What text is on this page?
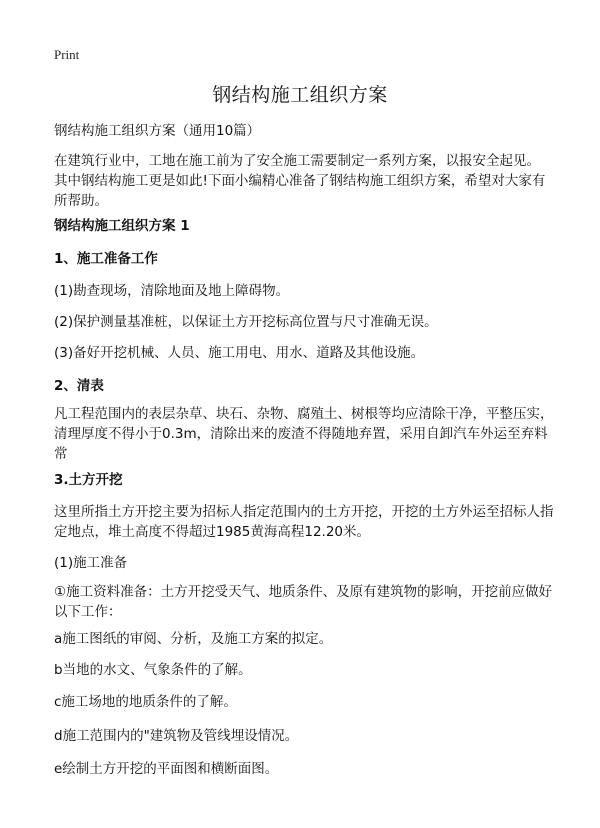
Print
钢结构施工组织方案
钢结构施工组织方案（通用10篇）
在建筑行业中，工地在施工前为了安全施工需要制定一系列方案，以报安全起见。其中钢结构施工更是如此!下面小编精心准备了钢结构施工组织方案，希望对大家有所帮助。
钢结构施工组织方案 1
1、施工准备工作
(1)勘查现场，清除地面及地上障碍物。
(2)保护测量基准桩，以保证土方开挖标高位置与尺寸准确无误。
(3)备好开挖机械、人员、施工用电、用水、道路及其他设施。
2、清表
凡工程范围内的表层杂草、块石、杂物、腐殖土、树根等均应清除干净，平整压实，清理厚度不得小于0.3m，清除出来的废渣不得随地弃置，采用自卸汽车外运至弃料常
3.土方开挖
这里所指土方开挖主要为招标人指定范围内的土方开挖，开挖的土方外运至招标人指定地点，堆土高度不得超过1985黄海高程12.20米。
(1)施工准备
①施工资料准备：土方开挖受天气、地质条件、及原有建筑物的影响，开挖前应做好以下工作：
a施工图纸的审阅、分析，及施工方案的拟定。
b当地的水文、气象条件的了解。
c施工场地的地质条件的了解。
d施工范围内的"建筑物及管线埋设情况。
e绘制土方开挖的平面图和横断面图。
